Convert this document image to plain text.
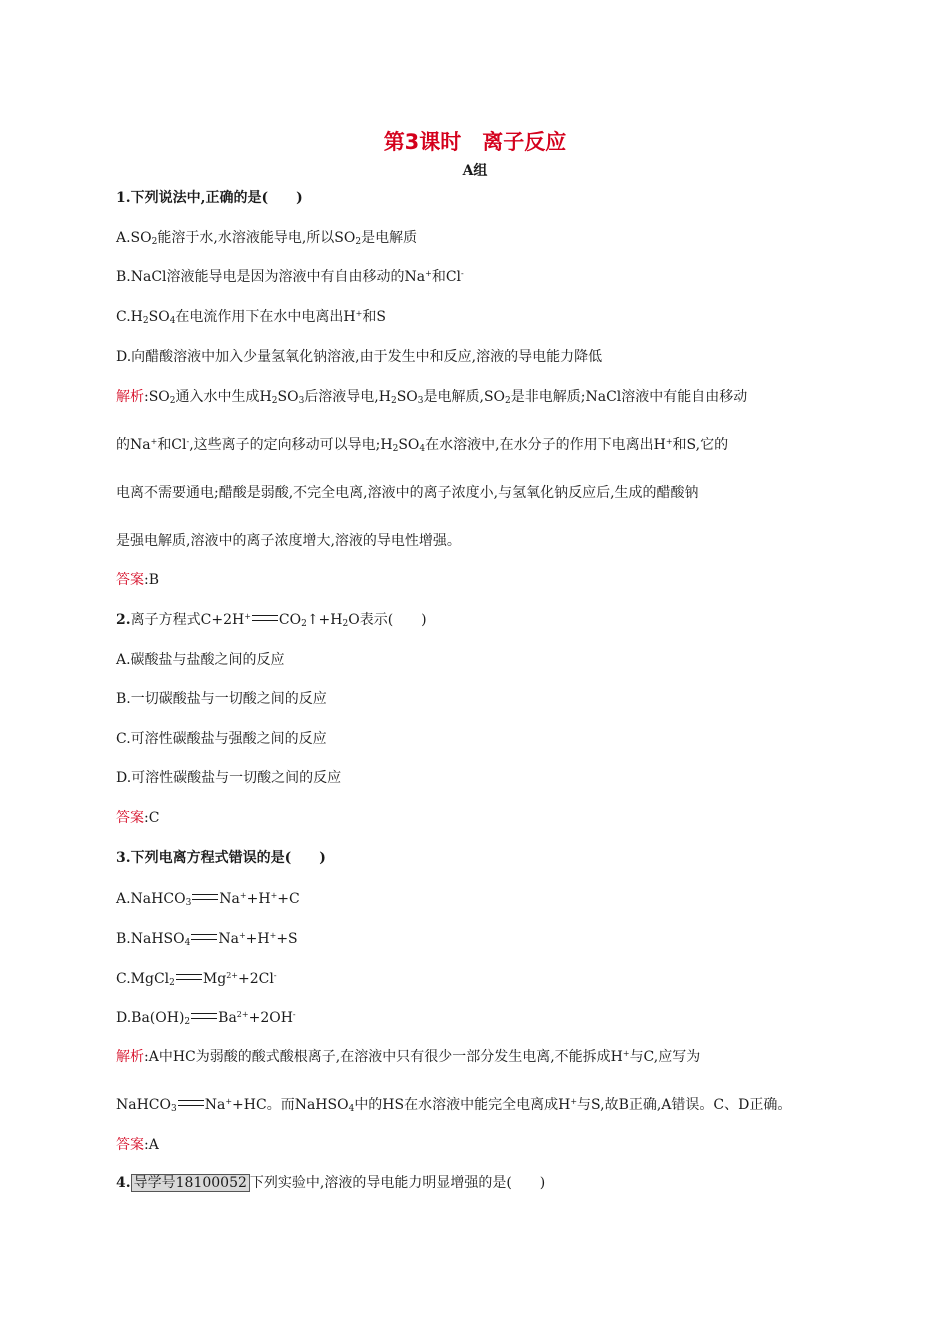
第3课时　离子反应
A组
1.下列说法中,正确的是(　　)
$A.SO_2$能溶于水,水溶液能导电,所以$SO_2$是电解质
B.NaCl溶液能导电是因为溶液中有自由移动的Na+和Cl-
$C.H_2SO_4$在电流作用下在水中电离出H+和S
D.向醋酸溶液中加入少量氢氧化钠溶液,由于发生中和反应,溶液的导电能力降低
解析$:SO_2$通入水中生成$H_2SO_3$后溶液导电$,H_2SO_3$是电解质$,SO_2$是非电解质;NaCl溶液中有能自由移动
的Na+和Cl-,这些离子的定向移动可以导电$;H_2SO_4$在水溶液中,在水分子的作用下电离出H+和S,它的
电离不需要通电;醋酸是弱酸,不完全电离,溶液中的离子浓度小,与氢氧化钠反应后,生成的醋酸钠
是强电解质,溶液中的离子浓度增大,溶液的导电性增强。
答案:B
2.离子方程式C+2H+ $CO_2↑+H_2O$表示(　　)
A.碳酸盐与盐酸之间的反应
B.一切碳酸盐与一切酸之间的反应
C.可溶性碳酸盐与强酸之间的反应
D.可溶性碳酸盐与一切酸之间的反应
答案:C
3.下列电离方程式错误的是(　　)
A.NaHCO$_3$ Na++H++C
B.NaHSO$_4$ Na++H++S
C.MgCl$_2$ $Mg^{2+}+2Cl^-$
$D.Ba(OH)_2$ $Ba^{2+}+2OH^-$
解析:A中HC为弱酸的酸式酸根离子,在溶液中只有很少一部分发生电离,不能拆成H+与C,应写为
NaHCO$_3$ Na++HC。而NaHSO$_4$中的HS在水溶液中能完全电离成H+与S,故B正确,A错误。C、D正确。
答案:A
4. 导学号18100052 下列实验中,溶液的导电能力明显增强的是(　　)
